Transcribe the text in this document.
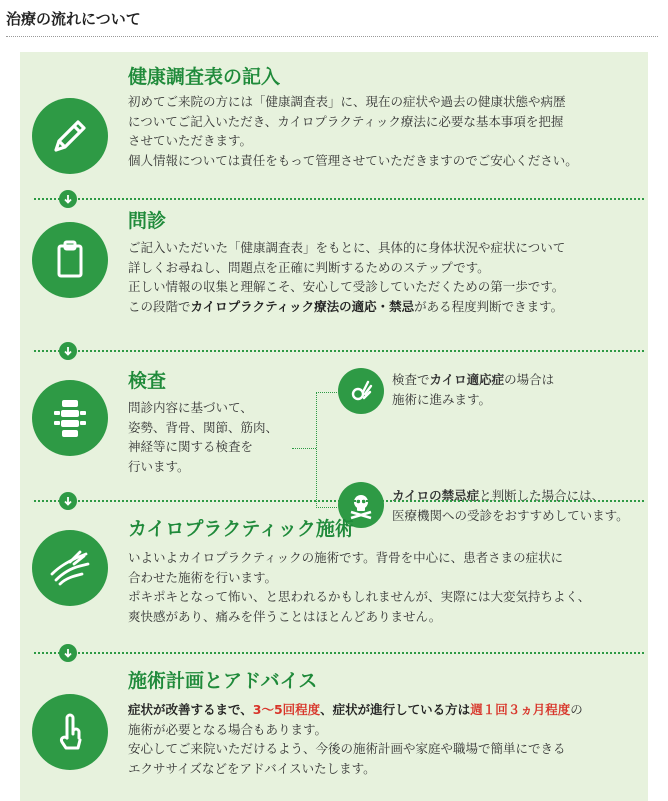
治療の流れについて
健康調査表の記入
初めてご来院の方には「健康調査表」に、現在の症状や過去の健康状態や病歴
についてご記入いただき、カイロプラクティック療法に必要な基本事項を把握
させていただきます。
個人情報については責任をもって管理させていただきますのでご安心ください。
問診
ご記入いただいた「健康調査表」をもとに、具体的に身体状況や症状について
詳しくお尋ねし、問題点を正確に判断するためのステップです。
正しい情報の収集と理解こそ、安心して受診していただくための第一歩です。
この段階でカイロプラクティック療法の適応・禁忌がある程度判断できます。
検査
問診内容に基づいて、
姿勢、背骨、関節、筋肉、
神経等に関する検査を
行います。
検査でカイロ適応症の場合は
施術に進みます。
カイロの禁忌症と判断した場合には、
医療機関への受診をおすすめしています。
カイロプラクティック施術
いよいよカイロプラクティックの施術です。背骨を中心に、患者さまの症状に
合わせた施術を行います。
ポキポキとなって怖い、と思われるかもしれませんが、実際には大変気持ちよく、
爽快感があり、痛みを伴うことはほとんどありません。
施術計画とアドバイス
症状が改善するまで、3～5回程度、症状が進行している方は週１回３ヵ月程度の
施術が必要となる場合もあります。
安心してご来院いただけるよう、今後の施術計画や家庭や職場で簡単にできる
エクササイズなどをアドバイスいたします。
